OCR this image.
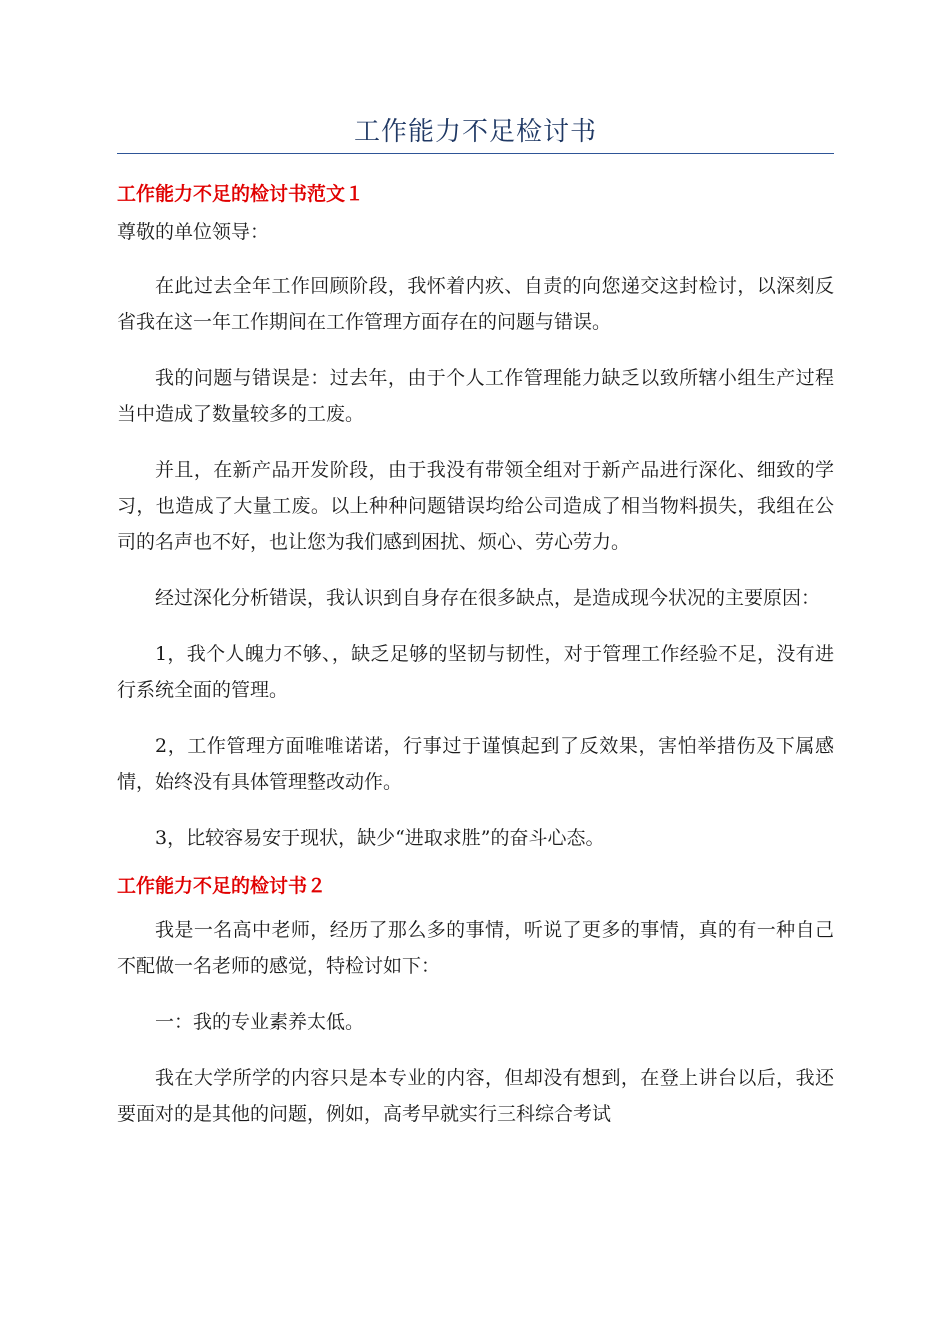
工作能力不足检讨书
工作能力不足的检讨书范文１

尊敬的单位领导：

在此过去全年工作回顾阶段，我怀着内疚、自责的向您递交这封检讨，以深刻反省我在这一年工作期间在工作管理方面存在的问题与错误。

我的问题与错误是：过去年，由于个人工作管理能力缺乏以致所辖小组生产过程当中造成了数量较多的工废。

并且，在新产品开发阶段，由于我没有带领全组对于新产品进行深化、细致的学习，也造成了大量工废。以上种种问题错误均给公司造成了相当物料损失，我组在公司的名声也不好，也让您为我们感到困扰、烦心、劳心劳力。

经过深化分析错误，我认识到自身存在很多缺点，是造成现今状况的主要原因：

1，我个人魄力不够、，缺乏足够的坚韧与韧性，对于管理工作经验不足，没有进行系统全面的管理。

2，工作管理方面唯唯诺诺，行事过于谨慎起到了反效果，害怕举措伤及下属感情，始终没有具体管理整改动作。

3，比较容易安于现状，缺少“进取求胜”的奋斗心态。

工作能力不足的检讨书２

我是一名高中老师，经历了那么多的事情，听说了更多的事情，真的有一种自己不配做一名老师的感觉，特检讨如下：

一：我的专业素养太低。

我在大学所学的内容只是本专业的内容，但却没有想到，在登上讲台以后，我还要面对的是其他的问题，例如，高考早就实行三科综合考试
